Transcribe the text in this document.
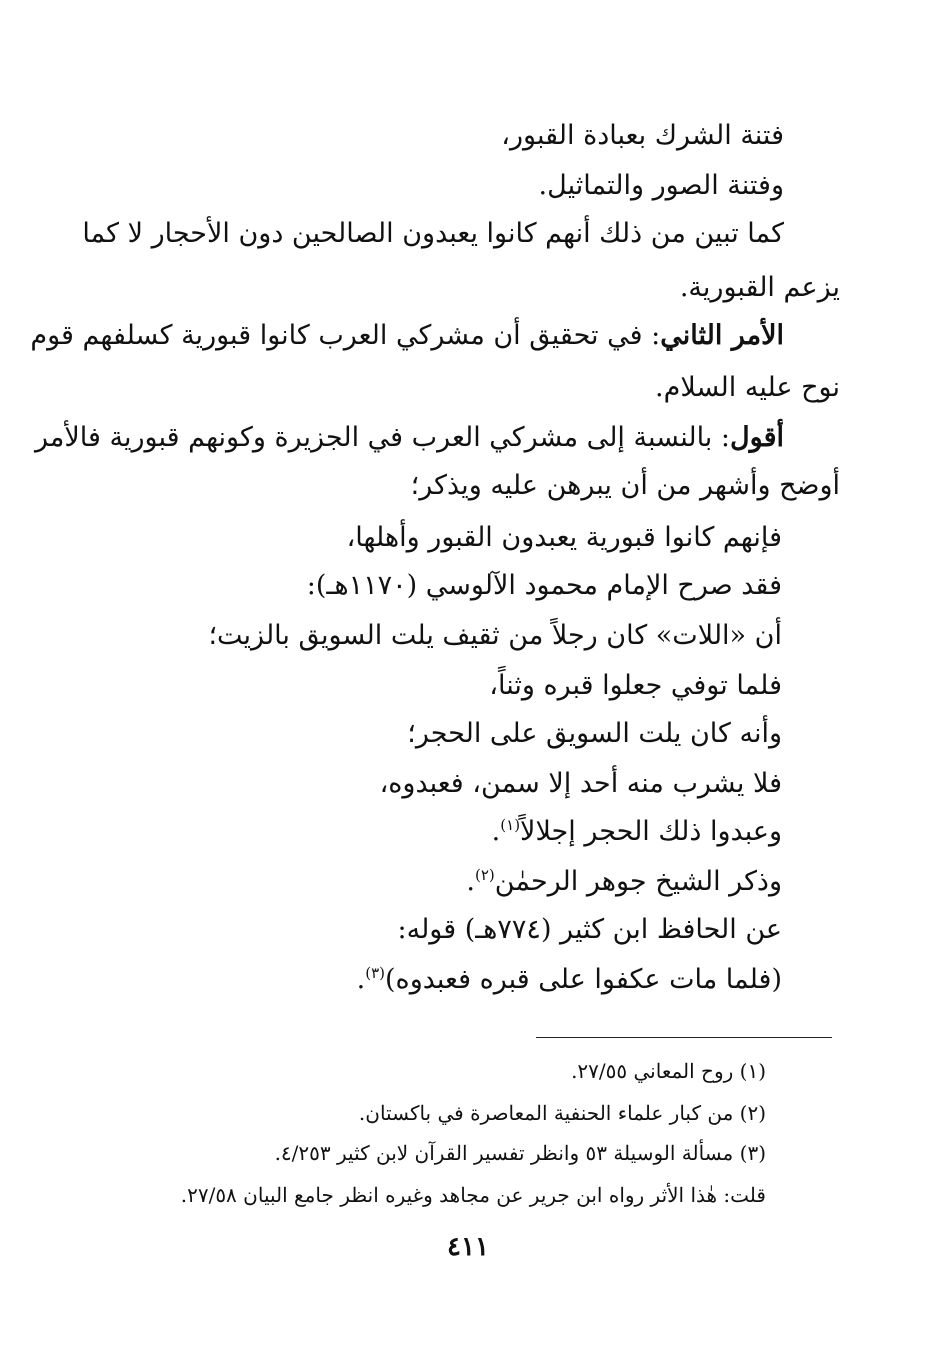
فتنة الشرك بعبادة القبور،
وفتنة الصور والتماثيل.
كما تبين من ذلك أنهم كانوا يعبدون الصالحين دون الأحجار لا كما
يزعم القبورية.
الأمر الثاني: في تحقيق أن مشركي العرب كانوا قبورية كسلفهم قوم
نوح عليه السلام.
أقول: بالنسبة إلى مشركي العرب في الجزيرة وكونهم قبورية فالأمر
أوضح وأشهر من أن يبرهن عليه ويذكر؛
فإنهم كانوا قبورية يعبدون القبور وأهلها،
فقد صرح الإمام محمود الآلوسي (١١٧٠هـ):
أن «اللات» كان رجلاً من ثقيف يلت السويق بالزيت؛
فلما توفي جعلوا قبره وثناً،
وأنه كان يلت السويق على الحجر؛
فلا يشرب منه أحد إلا سمن، فعبدوه،
وعبدوا ذلك الحجر إجلالاً$^{(١)}$.
وذكر الشيخ جوهر الرحمٰن$^{(٢)}$.
عن الحافظ ابن كثير (٧٧٤هـ) قوله:
(فلما مات عكفوا على قبره فعبدوه)$^{(٣)}$.
(١) روح المعاني ٢٧/٥٥.
(٢) من كبار علماء الحنفية المعاصرة في باكستان.
(٣) مسألة الوسيلة ٥٣ وانظر تفسير القرآن لابن كثير ٤/٢٥٣.
قلت: هٰذا الأثر رواه ابن جرير عن مجاهد وغيره انظر جامع البيان ٢٧/٥٨.
٤١١
